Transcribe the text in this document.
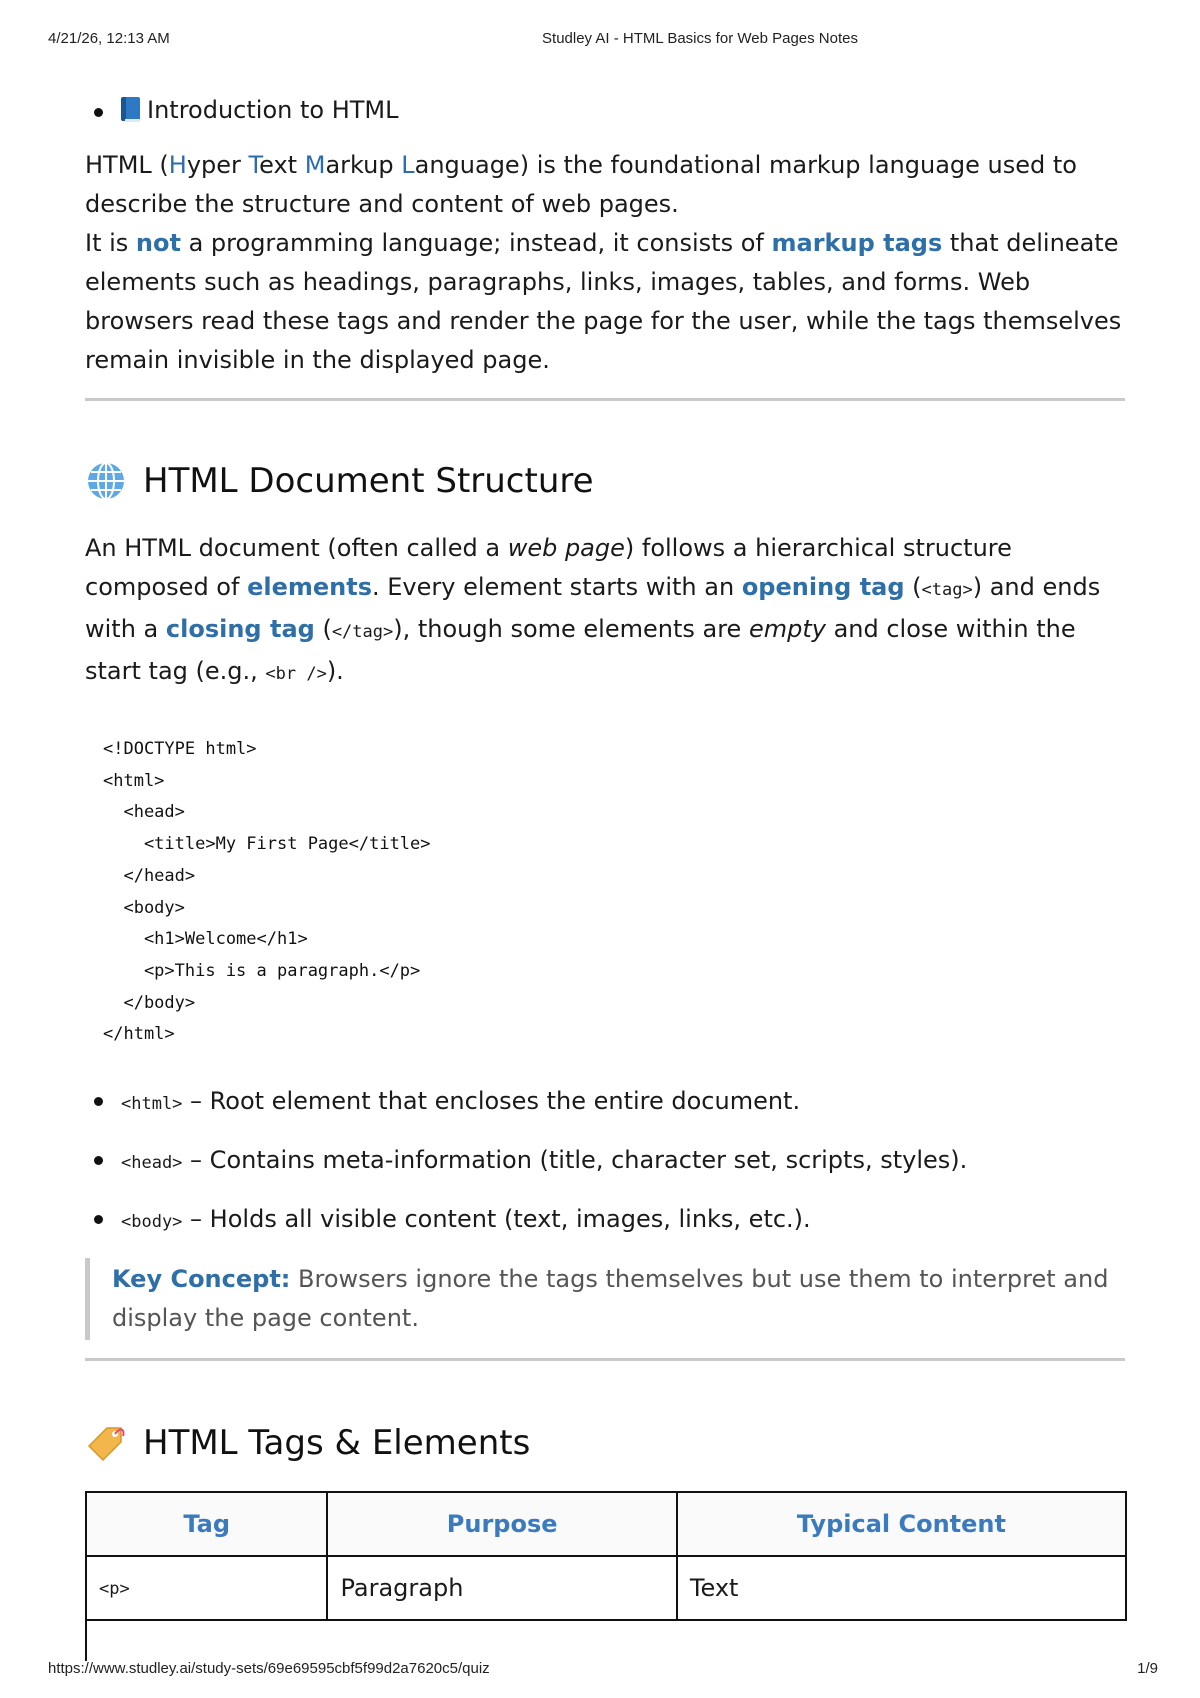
4/21/26, 12:13 AM	Studley AI - HTML Basics for Web Pages Notes
Introduction to HTML

HTML (Hyper Text Markup Language) is the foundational markup language used to describe the structure and content of web pages.

It is not a programming language; instead, it consists of markup tags that delineate elements such as headings, paragraphs, links, images, tables, and forms. Web browsers read these tags and render the page for the user, while the tags themselves remain invisible in the displayed page.

HTML Document Structure

An HTML document (often called a web page) follows a hierarchical structure composed of elements. Every element starts with an opening tag (<tag>) and ends with a closing tag (</tag>), though some elements are empty and close within the start tag (e.g., <br />).

<!DOCTYPE html>
<html>
<head>
<title>My First Page</title>
</head>
<body>
<h1>Welcome</h1>
<p>This is a paragraph.</p>
</body>
</html>
<html> – Root element that encloses the entire document.
<head> – Contains meta-information (title, character set, scripts, styles).
<body> – Holds all visible content (text, images, links, etc.).
Key Concept: Browsers ignore the tags themselves but use them to interpret and display the page content.
HTML Tags & Elements
Tag	Purpose	Typical Content
<p>	Paragraph	Text
https://www.studley.ai/study-sets/69e69595cbf5f99d2a7620c5/quiz	1/9
